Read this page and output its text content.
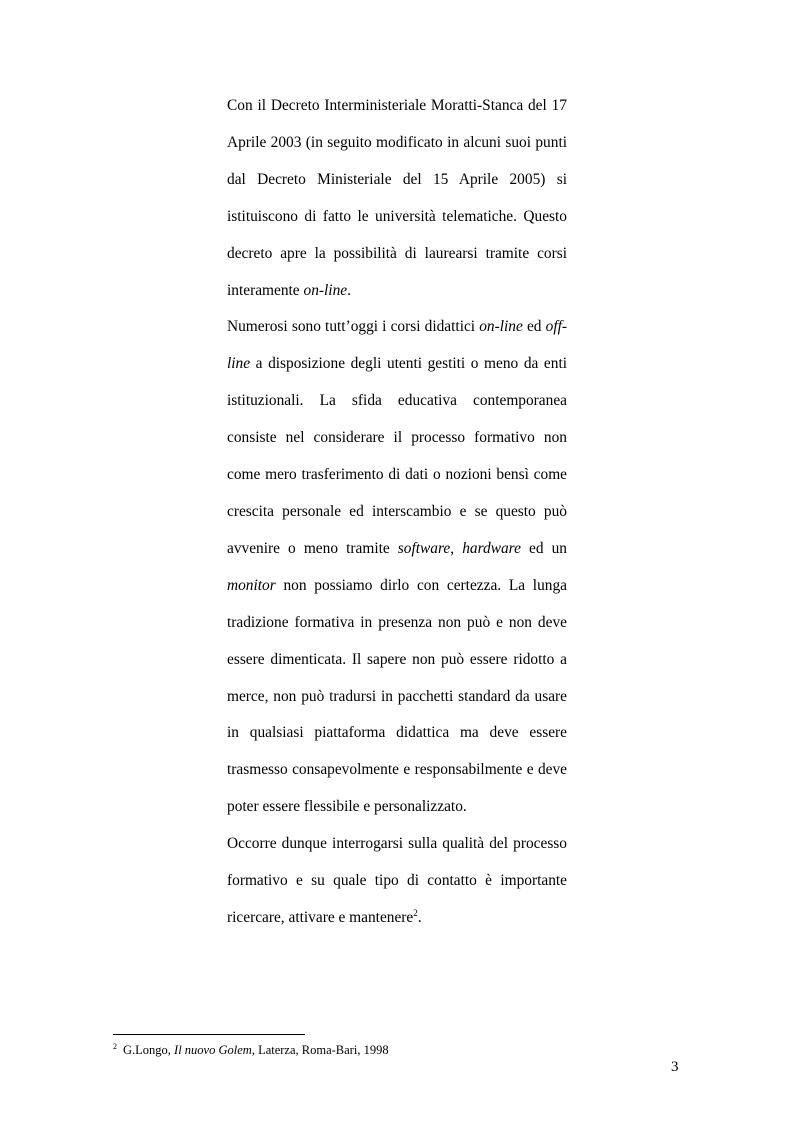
Con il Decreto Interministeriale Moratti-Stanca del 17 Aprile 2003 (in seguito modificato in alcuni suoi punti dal Decreto Ministeriale del 15 Aprile 2005) si istituiscono di fatto le università telematiche. Questo decreto apre la possibilità di laurearsi tramite corsi interamente on-line.

Numerosi sono tutt’oggi i corsi didattici on-line ed off-line a disposizione degli utenti gestiti o meno da enti istituzionali. La sfida educativa contemporanea consiste nel considerare il processo formativo non come mero trasferimento di dati o nozioni bensì come crescita personale ed interscambio e se questo può avvenire o meno tramite software, hardware ed un monitor non possiamo dirlo con certezza. La lunga tradizione formativa in presenza non può e non deve essere dimenticata. Il sapere non può essere ridotto a merce, non può tradursi in pacchetti standard da usare in qualsiasi piattaforma didattica ma deve essere trasmesso consapevolmente e responsabilmente e deve poter essere flessibile e personalizzato.

Occorre dunque interrogarsi sulla qualità del processo formativo e su quale tipo di contatto è importante ricercare, attivare e mantenere$^2$.

$^2$ G.Longo, Il nuovo Golem, Laterza, Roma-Bari, 1998
3
